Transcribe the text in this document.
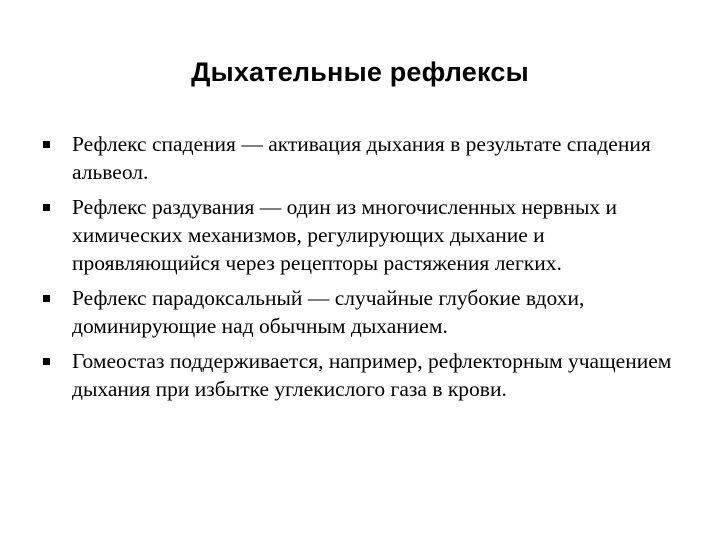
Дыхательные рефлексы
Рефлекс спадения — активация дыхания в результате спадения альвеол.
Рефлекс раздувания — один из многочисленных нервных и химических механизмов, регулирующих дыхание и проявляющийся через рецепторы растяжения легких.
Рефлекс парадоксальный — случайные глубокие вдохи, доминирующие над обычным дыханием.
Гомеостаз поддерживается, например, рефлекторным учащением дыхания при избытке углекислого газа в крови.
